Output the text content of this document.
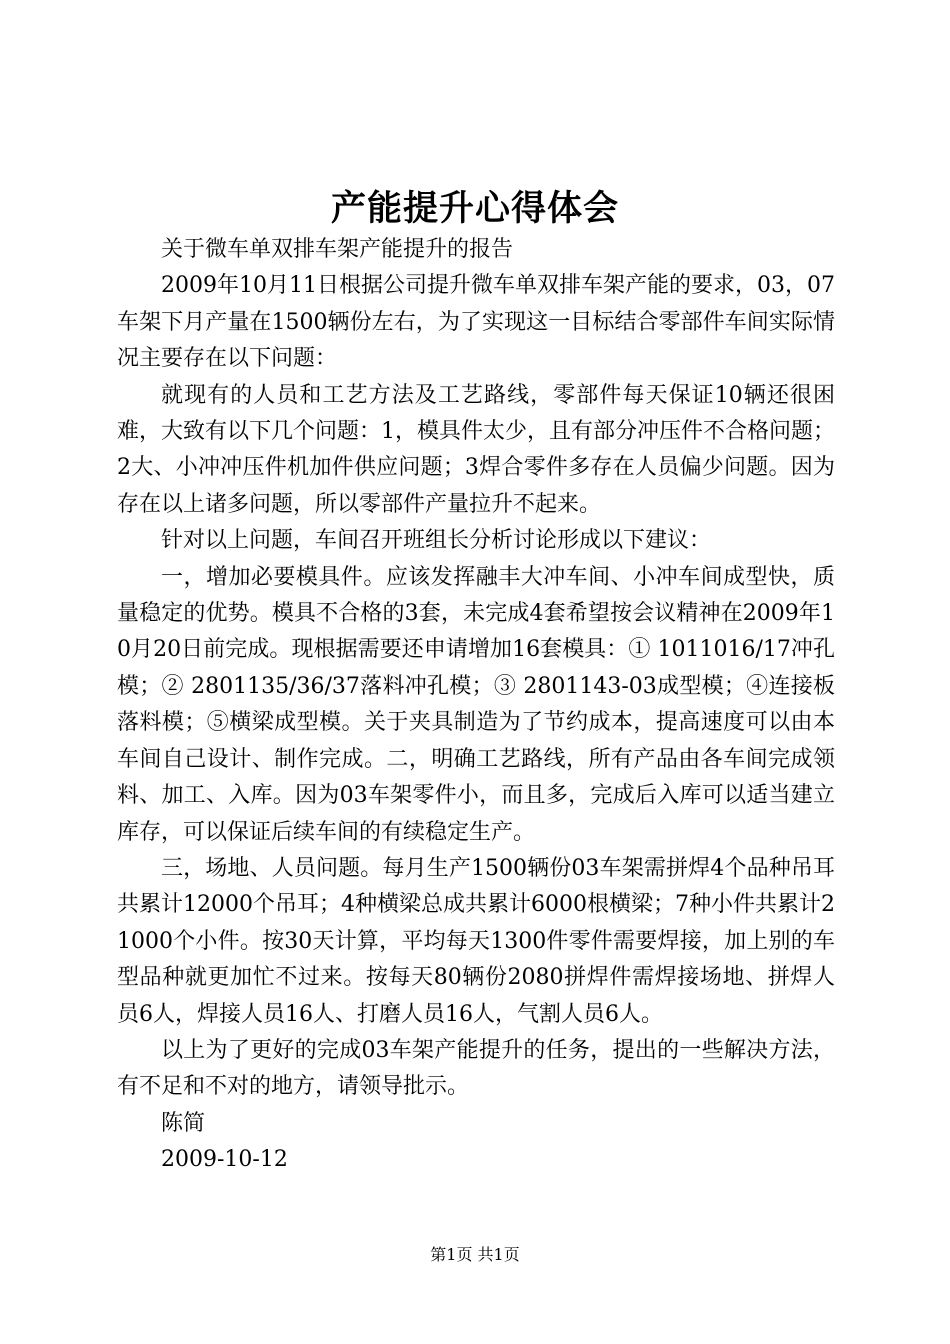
产能提升心得体会

关于微车单双排车架产能提升的报告

2009年10月11日根据公司提升微车单双排车架产能的要求，03，07车架下月产量在1500辆份左右，为了实现这一目标结合零部件车间实际情况主要存在以下问题：

就现有的人员和工艺方法及工艺路线，零部件每天保证10辆还很困难，大致有以下几个问题：1，模具件太少，且有部分冲压件不合格问题；2大、小冲冲压件机加件供应问题；3焊合零件多存在人员偏少问题。因为存在以上诸多问题，所以零部件产量拉升不起来。

针对以上问题，车间召开班组长分析讨论形成以下建议：

一，增加必要模具件。应该发挥融丰大冲车间、小冲车间成型快，质量稳定的优势。模具不合格的3套，未完成4套希望按会议精神在2009年10月20日前完成。现根据需要还申请增加16套模具：① 1011016/17冲孔模；② 2801135/36/37落料冲孔模；③ 2801143-03成型模；④连接板落料模；⑤横梁成型模。关于夹具制造为了节约成本，提高速度可以由本车间自己设计、制作完成。二，明确工艺路线，所有产品由各车间完成领料、加工、入库。因为03车架零件小，而且多，完成后入库可以适当建立库存，可以保证后续车间的有续稳定生产。

三，场地、人员问题。每月生产1500辆份03车架需拼焊4个品种吊耳共累计12000个吊耳；4种横梁总成共累计6000根横梁；7种小件共累计21000个小件。按30天计算，平均每天1300件零件需要焊接，加上别的车型品种就更加忙不过来。按每天80辆份2080拼焊件需焊接场地、拼焊人员6人，焊接人员16人、打磨人员16人，气割人员6人。

以上为了更好的完成03车架产能提升的任务，提出的一些解决方法，有不足和不对的地方，请领导批示。

陈简

2009-10-12

第1页 共1页
